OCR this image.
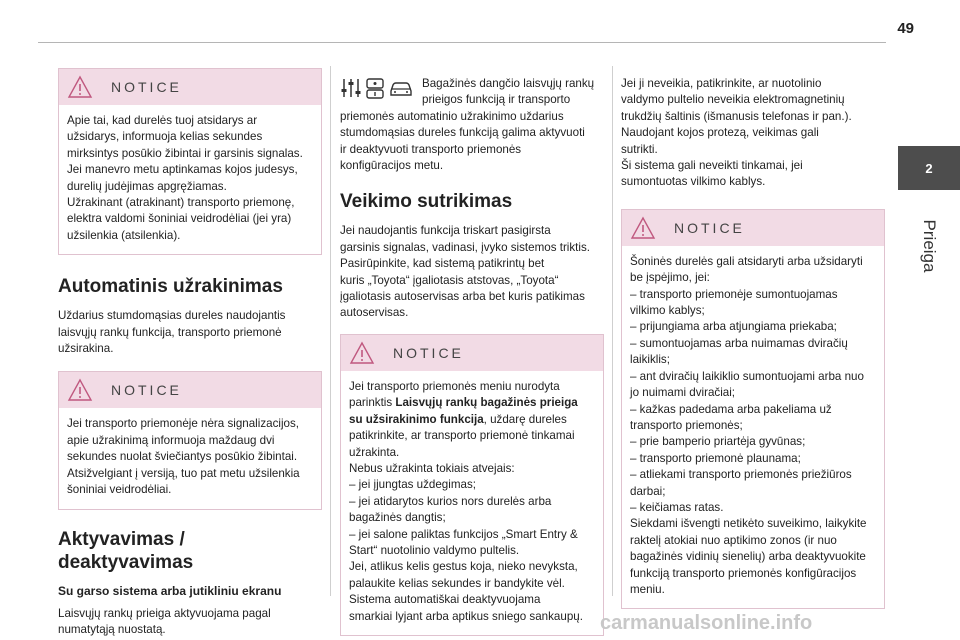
49
2
Prieiga
NOTICE

Apie tai, kad durelės tuoj atsidarys ar

užsidarys, informuoja kelias sekundes

mirksintys posūkio žibintai ir garsinis signalas.

Jei manevro metu aptinkamas kojos judesys,

durelių judėjimas apgręžiamas.

Užrakinant (atrakinant) transporto priemonę,

elektra valdomi šoniniai veidrodėliai (jei yra)

užsilenkia (atsilenkia).

Automatinis užrakinimas

Uždarius stumdomąsias dureles naudojantis

laisvųjų rankų funkcija, transporto priemonė

užsirakina.

NOTICE

Jei transporto priemonėje nėra signalizacijos,

apie užrakinimą informuoja maždaug dvi

sekundes nuolat šviečiantys posūkio žibintai.

Atsižvelgiant į versiją, tuo pat metu užsilenkia

šoniniai veidrodėliai.

Aktyvavimas /
deaktyvavimas
Su garso sistema arba jutikliniu ekranu

Laisvųjų rankų prieiga aktyvuojama pagal

numatytąją nuostatą.

Bagažinės dangčio laisvųjų rankų

prieigos funkciją ir transporto

priemonės automatinio užrakinimo uždarius

stumdomąsias dureles funkciją galima aktyvuoti

ir deaktyvuoti transporto priemonės

konfigūracijos metu.

Veikimo sutrikimas

Jei naudojantis funkcija triskart pasigirsta

garsinis signalas, vadinasi, įvyko sistemos triktis.

Pasirūpinkite, kad sistemą patikrintų bet

kuris „Toyota“ įgaliotasis atstovas, „Toyota“

įgaliotasis autoservisas arba bet kuris patikimas

autoservisas.

NOTICE

Jei transporto priemonės meniu nurodyta

parinktis Laisvųjų rankų bagažinės prieiga

su užsirakinimo funkcija, uždarę dureles

patikrinkite, ar transporto priemonė tinkamai

užrakinta.

Nebus užrakinta tokiais atvejais:

– jei įjungtas uždegimas;

– jei atidarytos kurios nors durelės arba

bagažinės dangtis;

– jei salone paliktas funkcijos „Smart Entry &

Start“ nuotolinio valdymo pultelis.

Jei, atlikus kelis gestus koja, nieko nevyksta,

palaukite kelias sekundes ir bandykite vėl.

Sistema automatiškai deaktyvuojama

smarkiai lyjant arba aptikus sniego sankaupų.

Jei ji neveikia, patikrinkite, ar nuotolinio

valdymo pultelio neveikia elektromagnetinių

trukdžių šaltinis (išmanusis telefonas ir pan.).

Naudojant kojos protezą, veikimas gali

sutrikti.

Ši sistema gali neveikti tinkamai, jei

sumontuotas vilkimo kablys.

NOTICE

Šoninės durelės gali atsidaryti arba užsidaryti

be įspėjimo, jei:

– transporto priemonėje sumontuojamas

vilkimo kablys;

– prijungiama arba atjungiama priekaba;

– sumontuojamas arba nuimamas dviračių

laikiklis;

– ant dviračių laikiklio sumontuojami arba nuo

jo nuimami dviračiai;

– kažkas padedama arba pakeliama už

transporto priemonės;

– prie bamperio priartėja gyvūnas;

– transporto priemonė plaunama;

– atliekami transporto priemonės priežiūros

darbai;

– keičiamas ratas.

Siekdami išvengti netikėto suveikimo, laikykite

raktelį atokiai nuo aptikimo zonos (ir nuo

bagažinės vidinių sienelių) arba deaktyvuokite

funkciją transporto priemonės konfigūracijos

meniu.

carmanualsonline.info
